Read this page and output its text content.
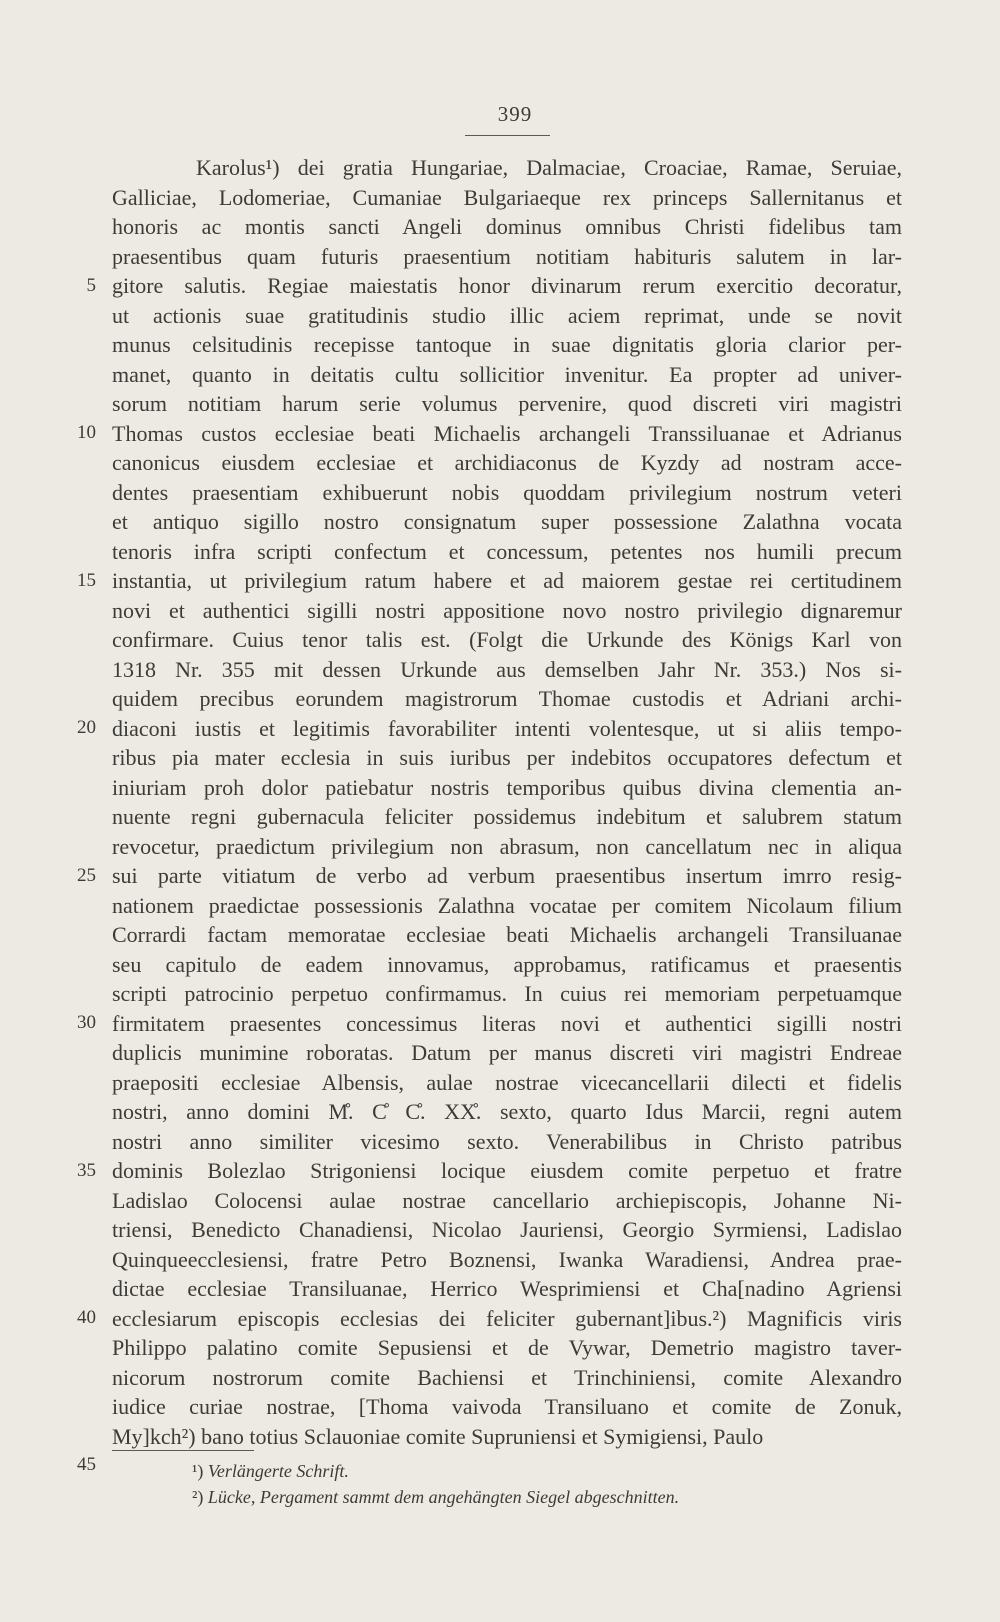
399
5
10
15
20
25
30
35
40
45
Karolus¹) dei gratia Hungariae, Dalmaciae, Croaciae, Ramae, Seruiae,
Galliciae, Lodomeriae, Cumaniae Bulgariaeque rex princeps Sallernitanus et
honoris ac montis sancti Angeli dominus omnibus Christi fidelibus tam
praesentibus quam futuris praesentium notitiam habituris salutem in lar-
gitore salutis. Regiae maiestatis honor divinarum rerum exercitio decoratur,
ut actionis suae gratitudinis studio illic aciem reprimat, unde se novit
munus celsitudinis recepisse tantoque in suae dignitatis gloria clarior per-
manet, quanto in deitatis cultu sollicitior invenitur. Ea propter ad univer-
sorum notitiam harum serie volumus pervenire, quod discreti viri magistri
Thomas custos ecclesiae beati Michaelis archangeli Transsiluanae et Adrianus
canonicus eiusdem ecclesiae et archidiaconus de Kyzdy ad nostram acce-
dentes praesentiam exhibuerunt nobis quoddam privilegium nostrum veteri
et antiquo sigillo nostro consignatum super possessione Zalathna vocata
tenoris infra scripti confectum et concessum, petentes nos humili precum
instantia, ut privilegium ratum habere et ad maiorem gestae rei certitudinem
novi et authentici sigilli nostri appositione novo nostro privilegio dignaremur
confirmare. Cuius tenor talis est. (Folgt die Urkunde des Königs Karl von
1318 Nr. 355 mit dessen Urkunde aus demselben Jahr Nr. 353.) Nos si-
quidem precibus eorundem magistrorum Thomae custodis et Adriani archi-
diaconi iustis et legitimis favorabiliter intenti volentesque, ut si aliis tempo-
ribus pia mater ecclesia in suis iuribus per indebitos occupatores defectum et
iniuriam proh dolor patiebatur nostris temporibus quibus divina clementia an-
nuente regni gubernacula feliciter possidemus indebitum et salubrem statum
revocetur, praedictum privilegium non abrasum, non cancellatum nec in aliqua
sui parte vitiatum de verbo ad verbum praesentibus insertum imrro resig-
nationem praedictae possessionis Zalathna vocatae per comitem Nicolaum filium
Corrardi factam memoratae ecclesiae beati Michaelis archangeli Transiluanae
seu capitulo de eadem innovamus, approbamus, ratificamus et praesentis
scripti patrocinio perpetuo confirmamus. In cuius rei memoriam perpetuamque
firmitatem praesentes concessimus literas novi et authentici sigilli nostri
duplicis munimine roboratas. Datum per manus discreti viri magistri Endreae
praepositi ecclesiae Albensis, aulae nostrae vicecancellarii dilecti et fidelis
nostri, anno domini M̊. C̊ C̊. XX̊. sexto, quarto Idus Marcii, regni autem
nostri anno similiter vicesimo sexto. Venerabilibus in Christo patribus
dominis Bolezlao Strigoniensi locique eiusdem comite perpetuo et fratre
Ladislao Colocensi aulae nostrae cancellario archiepiscopis, Johanne Ni-
triensi, Benedicto Chanadiensi, Nicolao Jauriensi, Georgio Syrmiensi, Ladislao
Quinqueecclesiensi, fratre Petro Boznensi, Iwanka Waradiensi, Andrea prae-
dictae ecclesiae Transiluanae, Herrico Wesprimiensi et Cha[nadino Agriensi
ecclesiarum episcopis ecclesias dei feliciter gubernant]ibus.²) Magnificis viris
Philippo palatino comite Sepusiensi et de Vywar, Demetrio magistro taver-
nicorum nostrorum comite Bachiensi et Trinchiniensi, comite Alexandro
iudice curiae nostrae, [Thoma vaivoda Transiluano et comite de Zonuk,
My]kch²) bano totius Sclauoniae comite Supruniensi et Symigiensi, Paulo
¹) Verlängerte Schrift.
²) Lücke, Pergament sammt dem angehängten Siegel abgeschnitten.
